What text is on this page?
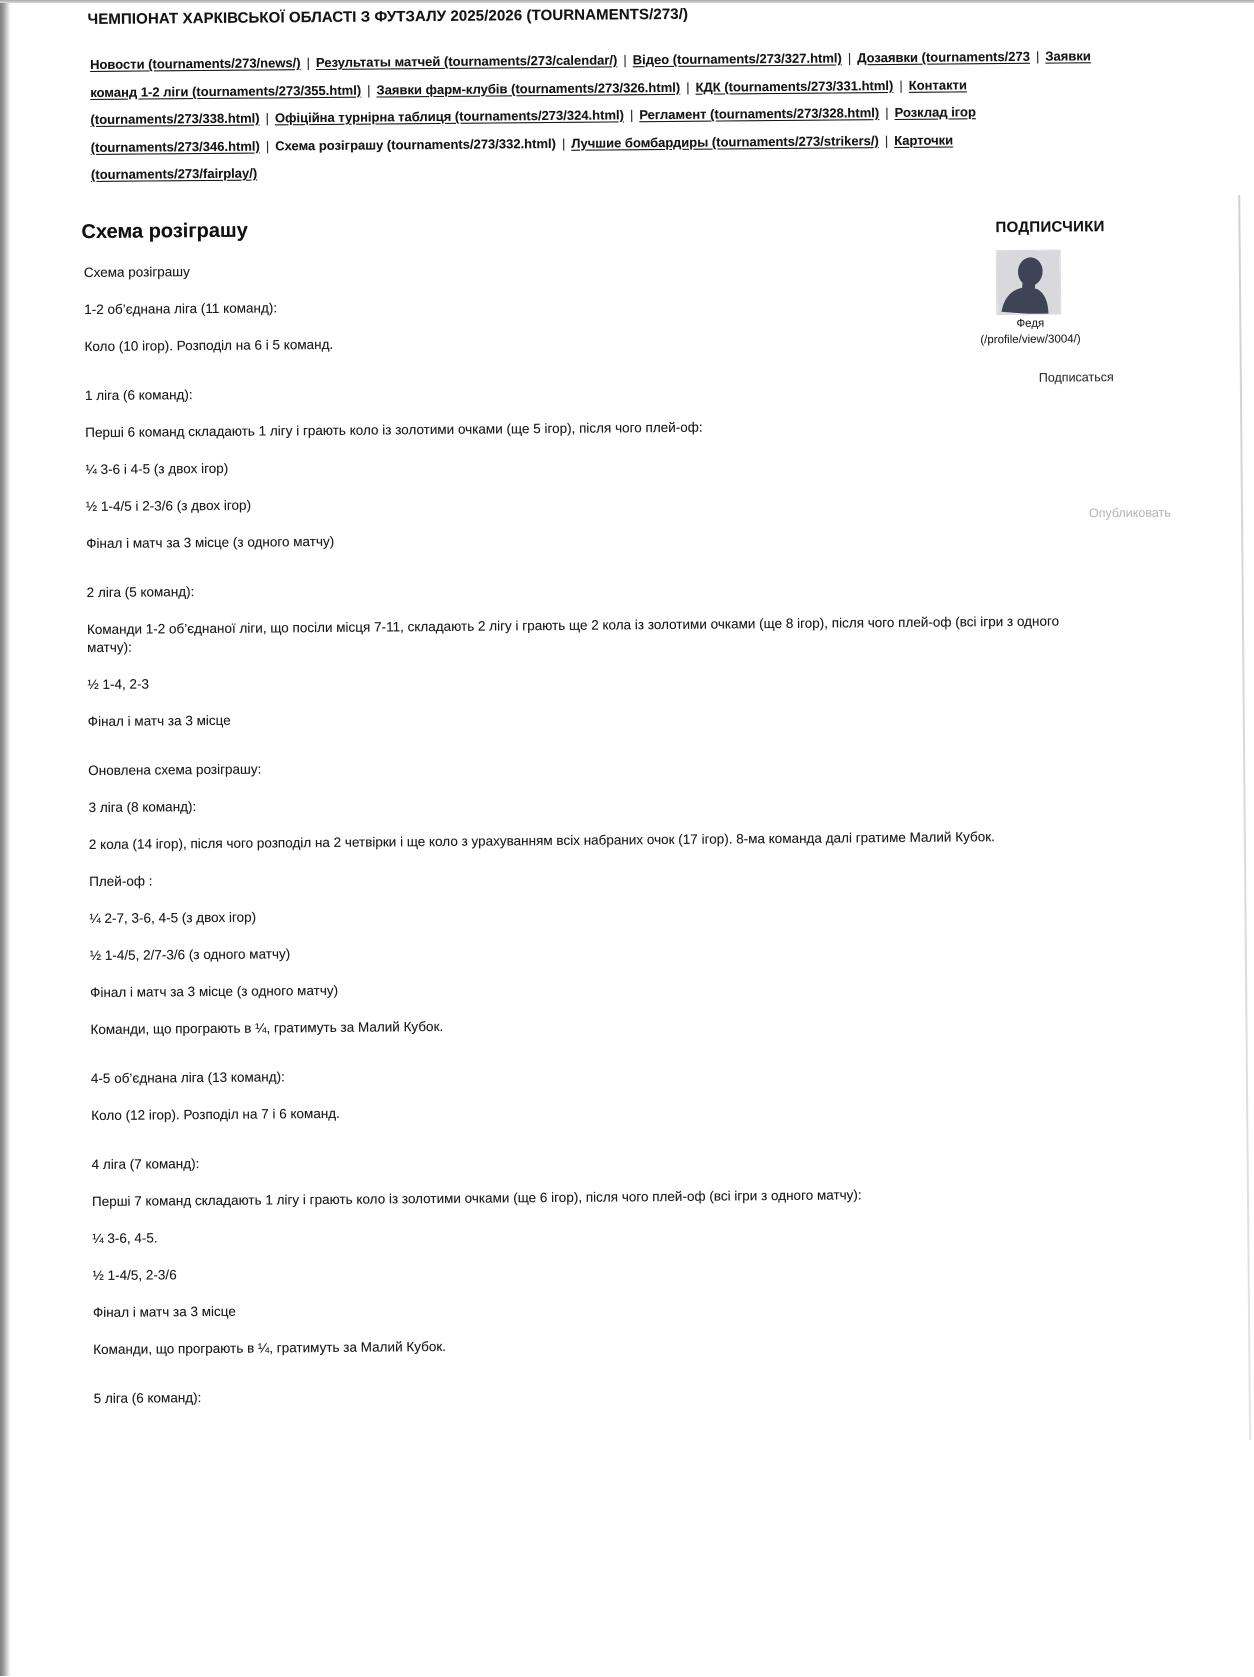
ЧЕМПІОНАТ ХАРКІВСЬКОЇ ОБЛАСТІ З ФУТЗАЛУ 2025/2026 (TOURNAMENTS/273/)
Новости (tournaments/273/news/) | Результаты матчей (tournaments/273/calendar/) | Відео (tournaments/273/327.html) | Дозаявки (tournaments/273 | Заявки команд 1-2 ліги (tournaments/273/355.html) | Заявки фарм-клубів (tournaments/273/326.html) | КДК (tournaments/273/331.html) | Контакти (tournaments/273/338.html) | Офіційна турнірна таблиця (tournaments/273/324.html) | Регламент (tournaments/273/328.html) | Розклад ігор (tournaments/273/346.html) | Схема розіграшу (tournaments/273/332.html) | Лучшие бомбардиры (tournaments/273/strikers/) | Карточки (tournaments/273/fairplay/)
Схема розіграшу

Схема розіграшу

1-2 об’єднана ліга (11 команд):

Коло (10 ігор). Розподіл на 6 і 5 команд.

1 ліга (6 команд):

Перші 6 команд складають 1 лігу і грають коло із золотими очками (ще 5 ігор), після чого плей-оф:

¼ 3-6 і 4-5 (з двох ігор)

½ 1-4/5 і 2-3/6 (з двох ігор)

Фінал і матч за 3 місце (з одного матчу)

2 ліга (5 команд):

Команди 1-2 об’єднаної ліги, що посіли місця 7-11, складають 2 лігу і грають ще 2 кола із золотими очками (ще 8 ігор), після чого плей-оф (всі ігри з одного матчу):

½ 1-4, 2-3

Фінал і матч за 3 місце

Оновлена схема розіграшу:

3 ліга (8 команд):

2 кола (14 ігор), після чого розподіл на 2 четвірки і ще коло з урахуванням всіх набраних очок (17 ігор). 8-ма команда далі гратиме Малий Кубок.

Плей-оф :

¼ 2-7, 3-6, 4-5 (з двох ігор)

½ 1-4/5, 2/7-3/6 (з одного матчу)

Фінал і матч за 3 місце (з одного матчу)

Команди, що програють в ¼, гратимуть за Малий Кубок.

4-5 об’єднана ліга (13 команд):

Коло (12 ігор). Розподіл на 7 і 6 команд.

4 ліга (7 команд):

Перші 7 команд складають 1 лігу і грають коло із золотими очками (ще 6 ігор), після чого плей-оф (всі ігри з одного матчу):

¼ 3-6, 4-5.

½ 1-4/5, 2-3/6

Фінал і матч за 3 місце

Команди, що програють в ¼, гратимуть за Малий Кубок.

5 ліга (6 команд):

ПОДПИСЧИКИ
Федя
(/profile/view/3004/)
Подписаться
Опубликовать
